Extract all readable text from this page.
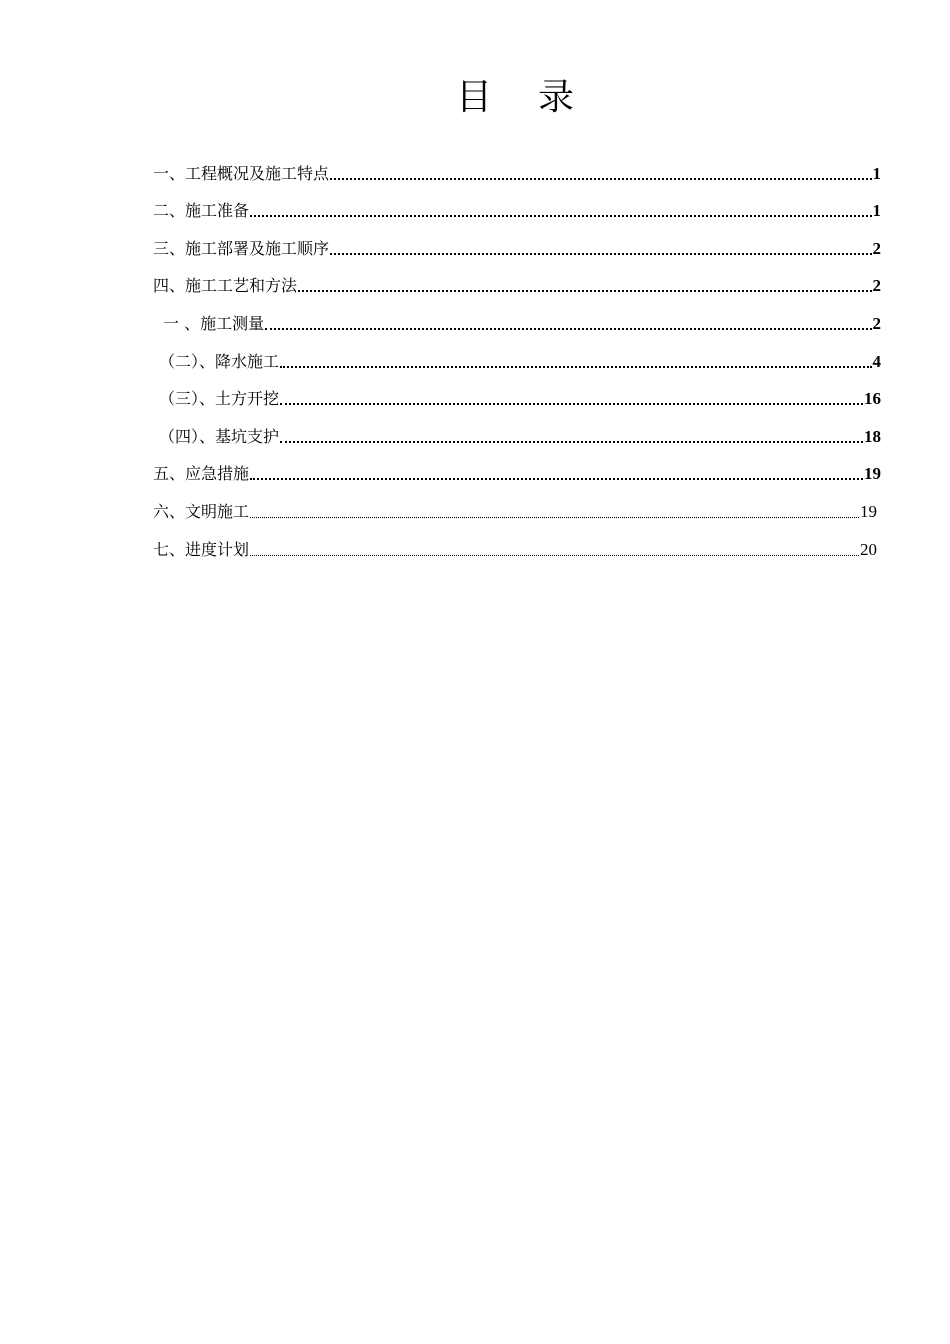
目 录
一、工程概况及施工特点	1
二、施工准备	1
三、施工部署及施工顺序	2
四、施工工艺和方法	2
一 、施工测量	2
（二）、降水施工	4
（三）、土方开挖	16
（四）、基坑支护	18
五、应急措施	19
六、文明施工	19
七、进度计划	20
